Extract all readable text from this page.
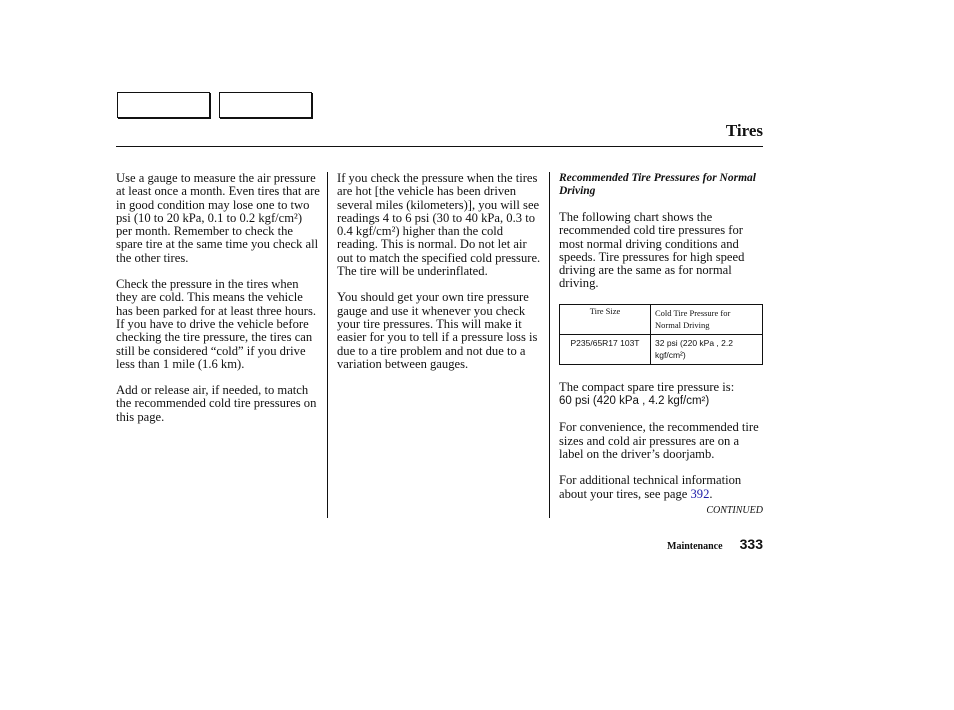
Tires

Use a gauge to measure the air pressure at least once a month. Even tires that are in good condition may lose one to two psi (10 to 20 kPa, 0.1 to 0.2 kgf/cm²) per month. Remember to check the spare tire at the same time you check all the other tires.

Check the pressure in the tires when they are cold. This means the vehicle has been parked for at least three hours. If you have to drive the vehicle before checking the tire pressure, the tires can still be considered “cold” if you drive less than 1 mile (1.6 km).

Add or release air, if needed, to match the recommended cold tire pressures on this page.

If you check the pressure when the tires are hot [the vehicle has been driven several miles (kilometers)], you will see readings 4 to 6 psi (30 to 40 kPa, 0.3 to 0.4 kgf/cm²) higher than the cold reading. This is normal. Do not let air out to match the specified cold pressure. The tire will be underinflated.

You should get your own tire pressure gauge and use it whenever you check your tire pressures. This will make it easier for you to tell if a pressure loss is due to a tire problem and not due to a variation between gauges.

Recommended Tire Pressures for Normal Driving

The following chart shows the recommended cold tire pressures for most normal driving conditions and speeds. Tire pressures for high speed driving are the same as for normal driving.

Tire Size	Cold Tire Pressure for Normal Driving
P235/65R17 103T	32 psi (220 kPa , 2.2 kgf/cm²)

The compact spare tire pressure is:
60 psi (420 kPa , 4.2 kgf/cm²)

For convenience, the recommended tire sizes and cold air pressures are on a label on the driver’s doorjamb.

For additional technical information about your tires, see page 392.

CONTINUED
Maintenance 333
